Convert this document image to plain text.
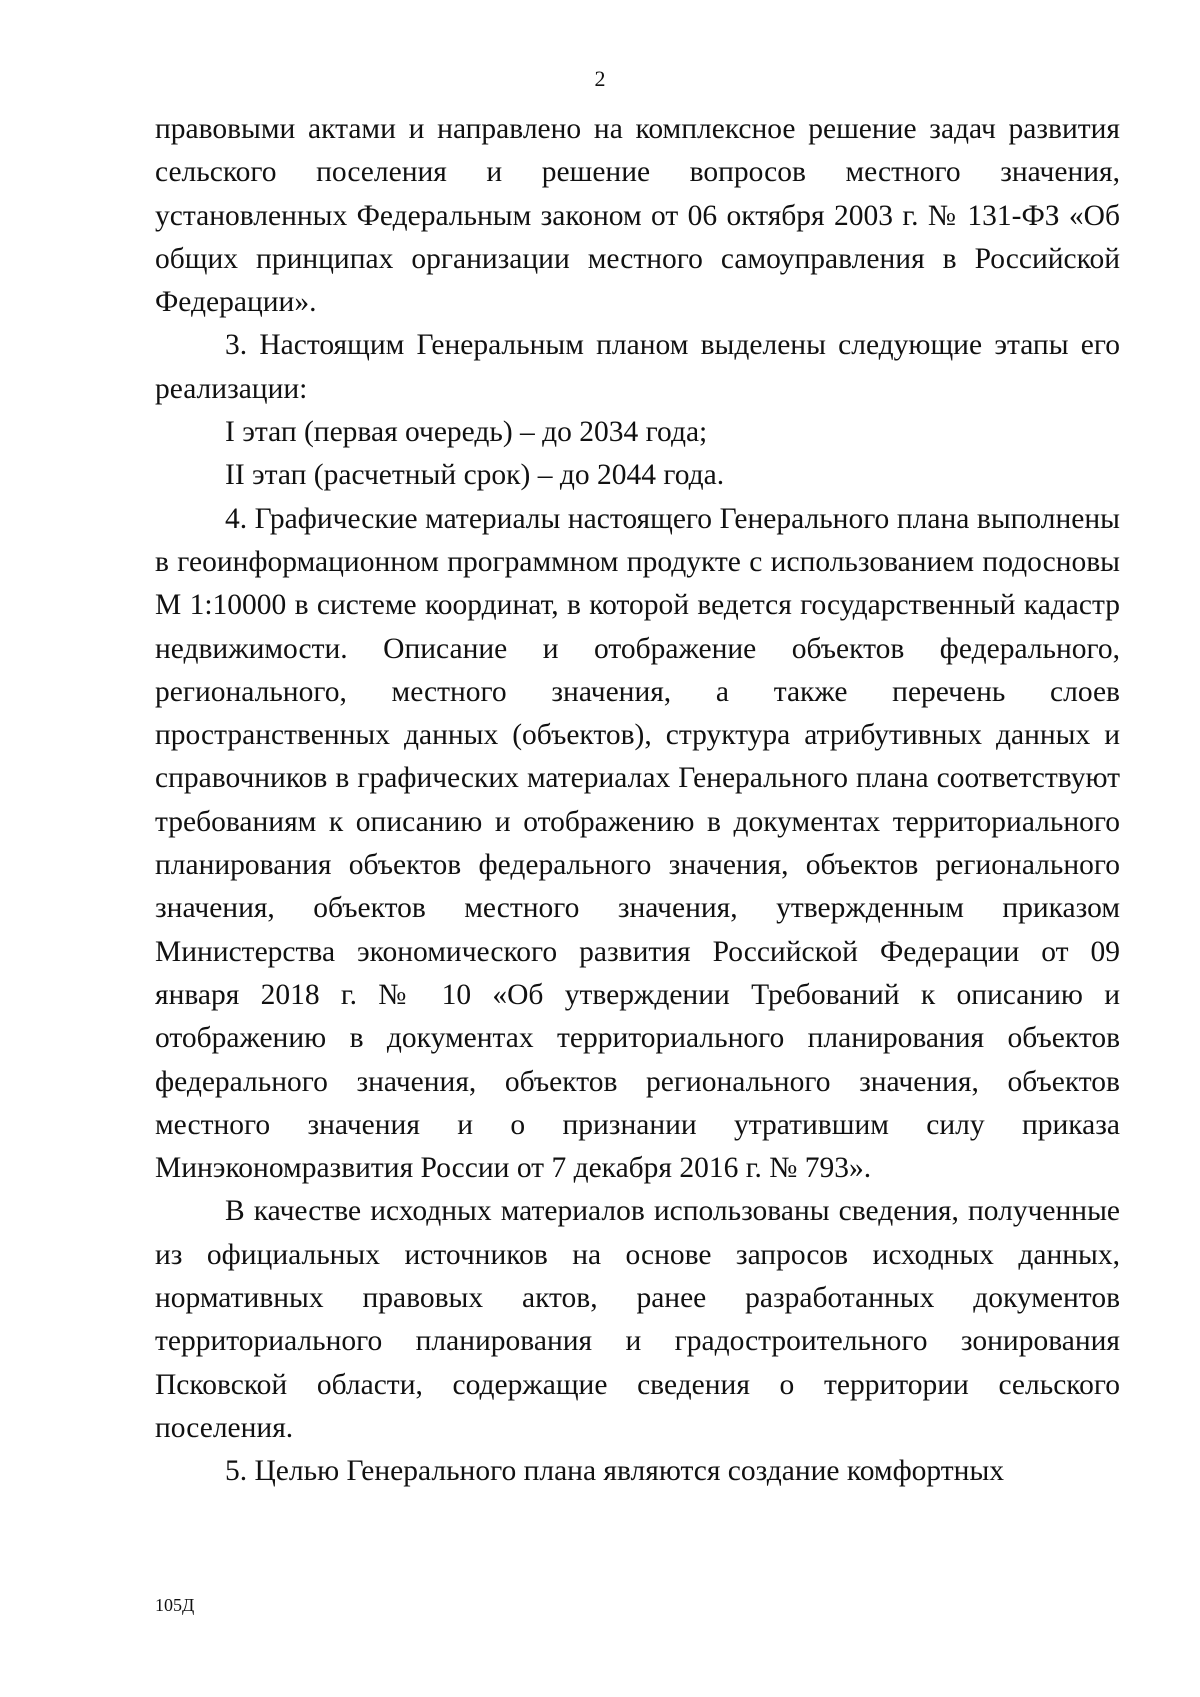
2

правовыми актами и направлено на комплексное решение задач развития сельского поселения и решение вопросов местного значения, установленных Федеральным законом от 06 октября 2003 г. № 131-ФЗ «Об общих принципах организации местного самоуправления в Российской Федерации».

3. Настоящим Генеральным планом выделены следующие этапы его реализации:

I этап (первая очередь) – до 2034 года;

II этап (расчетный срок) – до 2044 года.

4. Графические материалы настоящего Генерального плана выполнены в геоинформационном программном продукте с использованием подосновы М 1:10000 в системе координат, в которой ведется государственный кадастр недвижимости. Описание и отображение объектов федерального, регионального, местного значения, а также перечень слоев пространственных данных (объектов), структура атрибутивных данных и справочников в графических материалах Генерального плана соответствуют требованиям к описанию и отображению в документах территориального планирования объектов федерального значения, объектов регионального значения, объектов местного значения, утвержденным приказом Министерства экономического развития Российской Федерации от 09 января 2018 г. № 10 «Об утверждении Требований к описанию и отображению в документах территориального планирования объектов федерального значения, объектов регионального значения, объектов местного значения и о признании утратившим силу приказа Минэкономразвития России от 7 декабря 2016 г. № 793».

В качестве исходных материалов использованы сведения, полученные из официальных источников на основе запросов исходных данных, нормативных правовых актов, ранее разработанных документов территориального планирования и градостроительного зонирования Псковской области, содержащие сведения о территории сельского поселения.

5. Целью Генерального плана являются создание комфортных

105Д
